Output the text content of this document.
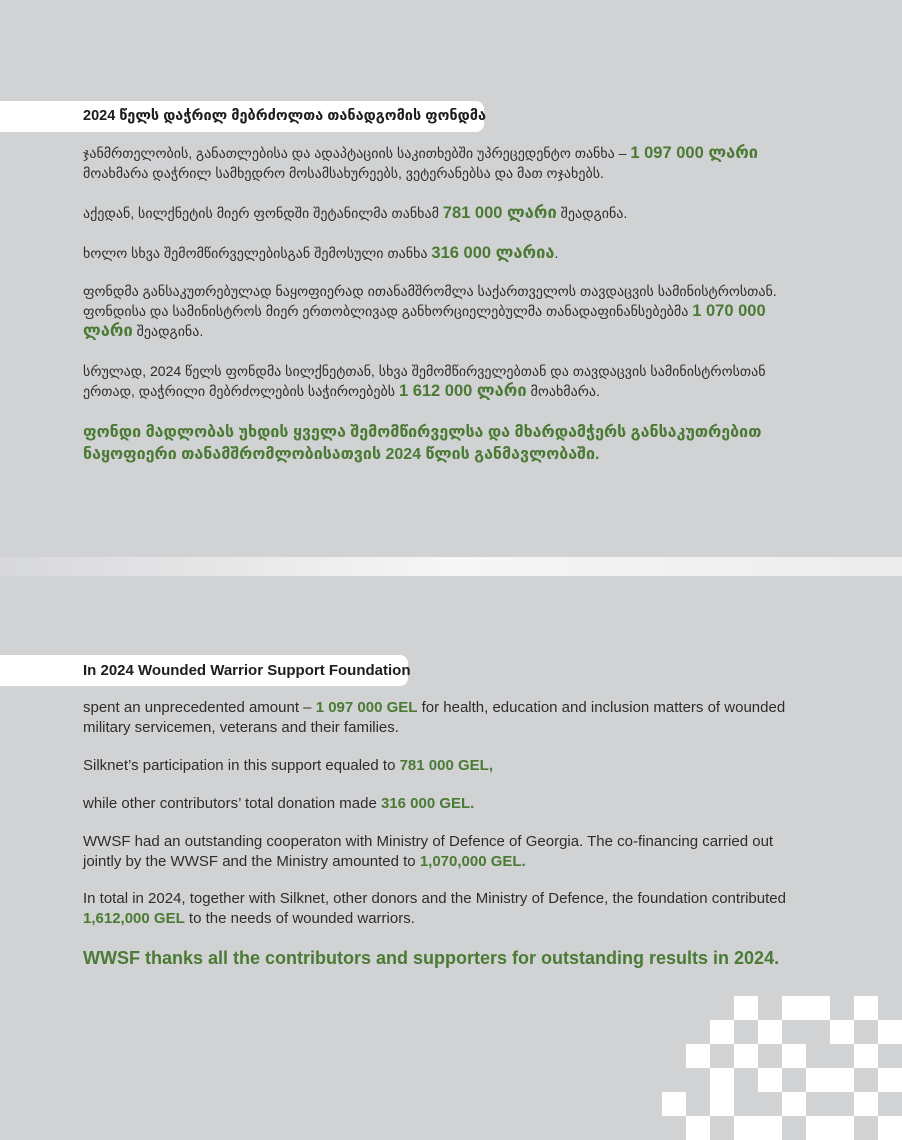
2024 წელს დაჭრილ მებრძოლთა თანადგომის ფონდმა

ჯანმრთელობის, განათლებისა და ადაპტაციის საკითხებში უპრეცედენტო თანხა – 1 097 000 ლარი მოახმარა დაჭრილ სამხედრო მოსამსახურეებს, ვეტერანებსა და მათ ოჯახებს.

აქედან, სილქნეტის მიერ ფონდში შეტანილმა თანხამ 781 000 ლარი შეადგინა.

ხოლო სხვა შემომწირველებისგან შემოსული თანხა 316 000 ლარია.

ფონდმა განსაკუთრებულად ნაყოფიერად ითანამშრომლა საქართველოს თავდაცვის სამინისტროსთან. ფონდისა და სამინისტროს მიერ ერთობლივად განხორციელებულმა თანადაფინანსებებმა 1 070 000 ლარი შეადგინა.

სრულად, 2024 წელს ფონდმა სილქნეტთან, სხვა შემომწირველებთან და თავდაცვის სამინისტროსთან ერთად, დაჭრილი მებრძოლების საჭიროებებს 1 612 000 ლარი მოახმარა.

ფონდი მადლობას უხდის ყველა შემომწირველსა და მხარდამჭერს განსაკუთრებით ნაყოფიერი თანამშრომლობისათვის 2024 წლის განმავლობაში.

In 2024 Wounded Warrior Support Foundation

spent an unprecedented amount – 1 097 000 GEL for health, education and inclusion matters of wounded military servicemen, veterans and their families.

Silknet’s participation in this support equaled to 781 000 GEL,

while other contributors’ total donation made 316 000 GEL.

WWSF had an outstanding cooperaton with Ministry of Defence of Georgia. The co-financing carried out jointly by the WWSF and the Ministry amounted to 1,070,000 GEL.

In total in 2024, together with Silknet, other donors and the Ministry of Defence, the foundation contributed 1,612,000 GEL to the needs of wounded warriors.

WWSF thanks all the contributors and supporters for outstanding results in 2024.
